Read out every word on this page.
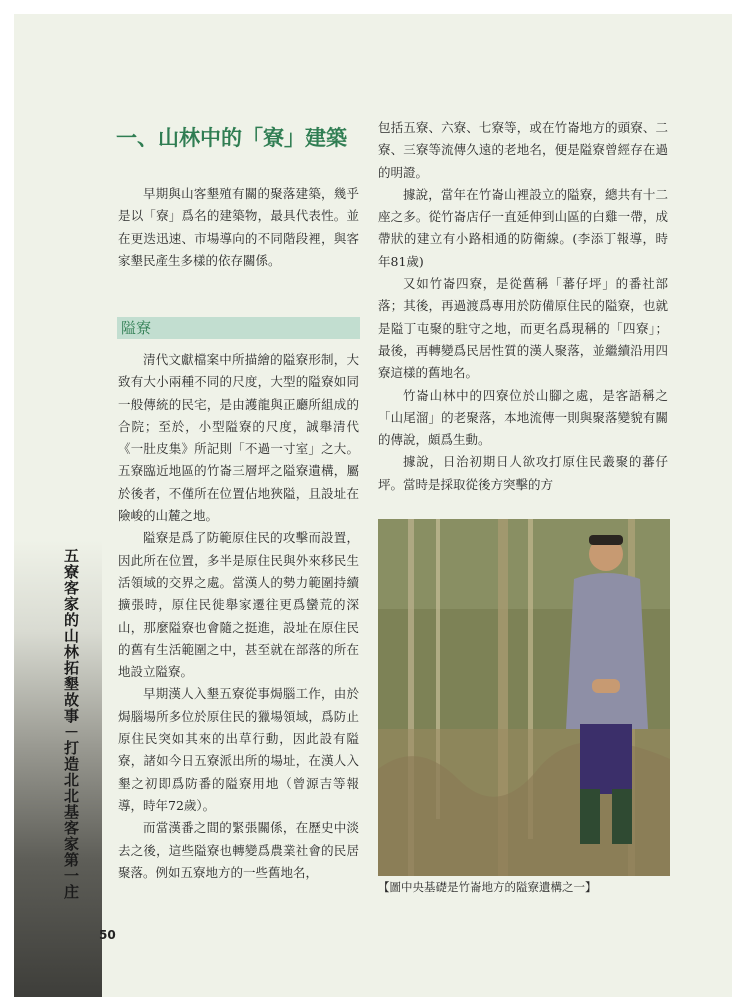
一、山林中的「寮」建築

早期與山客墾殖有關的聚落建築，幾乎是以「寮」爲名的建築物，最具代表性。並在更迭迅速、市場導向的不同階段裡，與客家墾民產生多樣的依存關係。

隘寮

清代文獻檔案中所描繪的隘寮形制，大致有大小兩種不同的尺度，大型的隘寮如同一般傳統的民宅，是由護龍與正廳所組成的合院；至於，小型隘寮的尺度，誠舉清代《一肚皮集》所記則「不過一寸室」之大。五寮臨近地區的竹崙三層坪之隘寮遺構，屬於後者，不僅所在位置佔地狹隘，且設址在險峻的山麓之地。

隘寮是爲了防範原住民的攻擊而設置，因此所在位置，多半是原住民與外來移民生活領域的交界之處。當漢人的勢力範圍持續擴張時，原住民徙舉家遷往更爲蠻荒的深山，那麼隘寮也會隨之挺進，設址在原住民的舊有生活範圍之中，甚至就在部落的所在地設立隘寮。

早期漢人入墾五寮從事焗腦工作，由於焗腦場所多位於原住民的獵場領域，爲防止原住民突如其來的出草行動，因此設有隘寮，諸如今日五寮派出所的場址，在漢人入墾之初即爲防番的隘寮用地（曾源吉等報導，時年72歲）。

而當漢番之間的緊張關係，在歷史中淡去之後，這些隘寮也轉變爲農業社會的民居聚落。例如五寮地方的一些舊地名，

包括五寮、六寮、七寮等，或在竹崙地方的頭寮、二寮、三寮等流傳久遠的老地名，便是隘寮曾經存在過的明證。

據說，當年在竹崙山裡設立的隘寮，總共有十二座之多。從竹崙店仔一直延伸到山區的白雞一帶，成帶狀的建立有小路相通的防衛線。(李添丁報導，時年81歲)

又如竹崙四寮，是從舊稱「蕃仔坪」的番社部落；其後，再過渡爲專用於防備原住民的隘寮，也就是隘丁屯聚的駐守之地，而更名爲現稱的「四寮」；最後，再轉變爲民居性質的漢人聚落，並繼續沿用四寮這樣的舊地名。

竹崙山林中的四寮位於山腳之處，是客語稱之「山尾溜」的老聚落，本地流傳一則與聚落變貌有關的傳說，頗爲生動。

據說，日治初期日人欲攻打原住民叢聚的蕃仔坪。當時是採取從後方突擊的方

【圖中央基礎是竹崙地方的隘寮遺構之一】
五寮客家的山林拓墾故事－打造北北基客家第一庄
50
